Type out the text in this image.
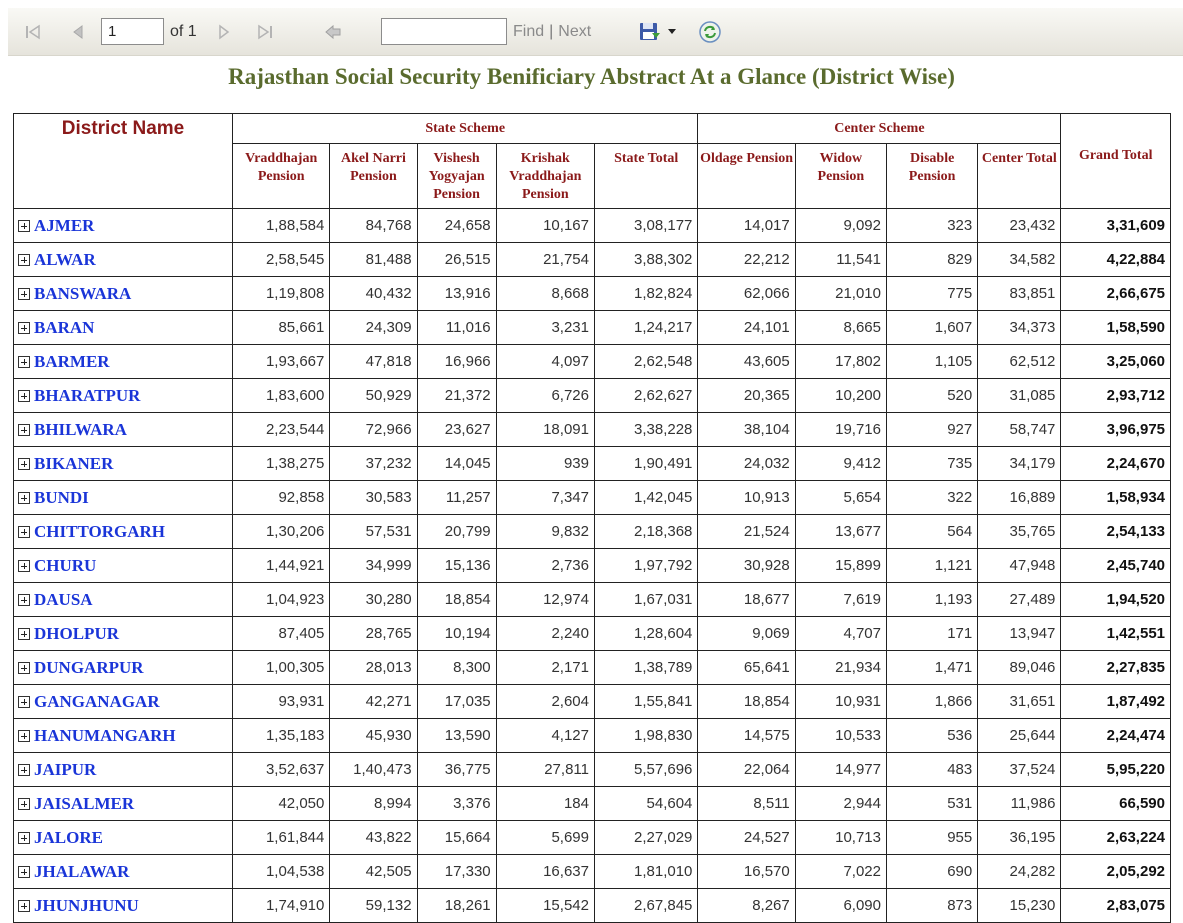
1
of 1	Find | Next
Rajasthan Social Security Benificiary Abstract At a Glance (District Wise)
District Name	State Scheme					Center Scheme				Grand Total
	Vraddhajan Pension	Akel Narri Pension	Vishesh Yogyajan Pension	Krishak Vraddhajan Pension	State Total	Oldage Pension	Widow Pension	Disable Pension	Center Total	
AJMER	1,88,584	84,768	24,658	10,167	3,08,177	14,017	9,092	323	23,432	3,31,609
ALWAR	2,58,545	81,488	26,515	21,754	3,88,302	22,212	11,541	829	34,582	4,22,884
BANSWARA	1,19,808	40,432	13,916	8,668	1,82,824	62,066	21,010	775	83,851	2,66,675
BARAN	85,661	24,309	11,016	3,231	1,24,217	24,101	8,665	1,607	34,373	1,58,590
BARMER	1,93,667	47,818	16,966	4,097	2,62,548	43,605	17,802	1,105	62,512	3,25,060
BHARATPUR	1,83,600	50,929	21,372	6,726	2,62,627	20,365	10,200	520	31,085	2,93,712
BHILWARA	2,23,544	72,966	23,627	18,091	3,38,228	38,104	19,716	927	58,747	3,96,975
BIKANER	1,38,275	37,232	14,045	939	1,90,491	24,032	9,412	735	34,179	2,24,670
BUNDI	92,858	30,583	11,257	7,347	1,42,045	10,913	5,654	322	16,889	1,58,934
CHITTORGARH	1,30,206	57,531	20,799	9,832	2,18,368	21,524	13,677	564	35,765	2,54,133
CHURU	1,44,921	34,999	15,136	2,736	1,97,792	30,928	15,899	1,121	47,948	2,45,740
DAUSA	1,04,923	30,280	18,854	12,974	1,67,031	18,677	7,619	1,193	27,489	1,94,520
DHOLPUR	87,405	28,765	10,194	2,240	1,28,604	9,069	4,707	171	13,947	1,42,551
DUNGARPUR	1,00,305	28,013	8,300	2,171	1,38,789	65,641	21,934	1,471	89,046	2,27,835
GANGANAGAR	93,931	42,271	17,035	2,604	1,55,841	18,854	10,931	1,866	31,651	1,87,492
HANUMANGARH	1,35,183	45,930	13,590	4,127	1,98,830	14,575	10,533	536	25,644	2,24,474
JAIPUR	3,52,637	1,40,473	36,775	27,811	5,57,696	22,064	14,977	483	37,524	5,95,220
JAISALMER	42,050	8,994	3,376	184	54,604	8,511	2,944	531	11,986	66,590
JALORE	1,61,844	43,822	15,664	5,699	2,27,029	24,527	10,713	955	36,195	2,63,224
JHALAWAR	1,04,538	42,505	17,330	16,637	1,81,010	16,570	7,022	690	24,282	2,05,292
JHUNJHUNU	1,74,910	59,132	18,261	15,542	2,67,845	8,267	6,090	873	15,230	2,83,075
